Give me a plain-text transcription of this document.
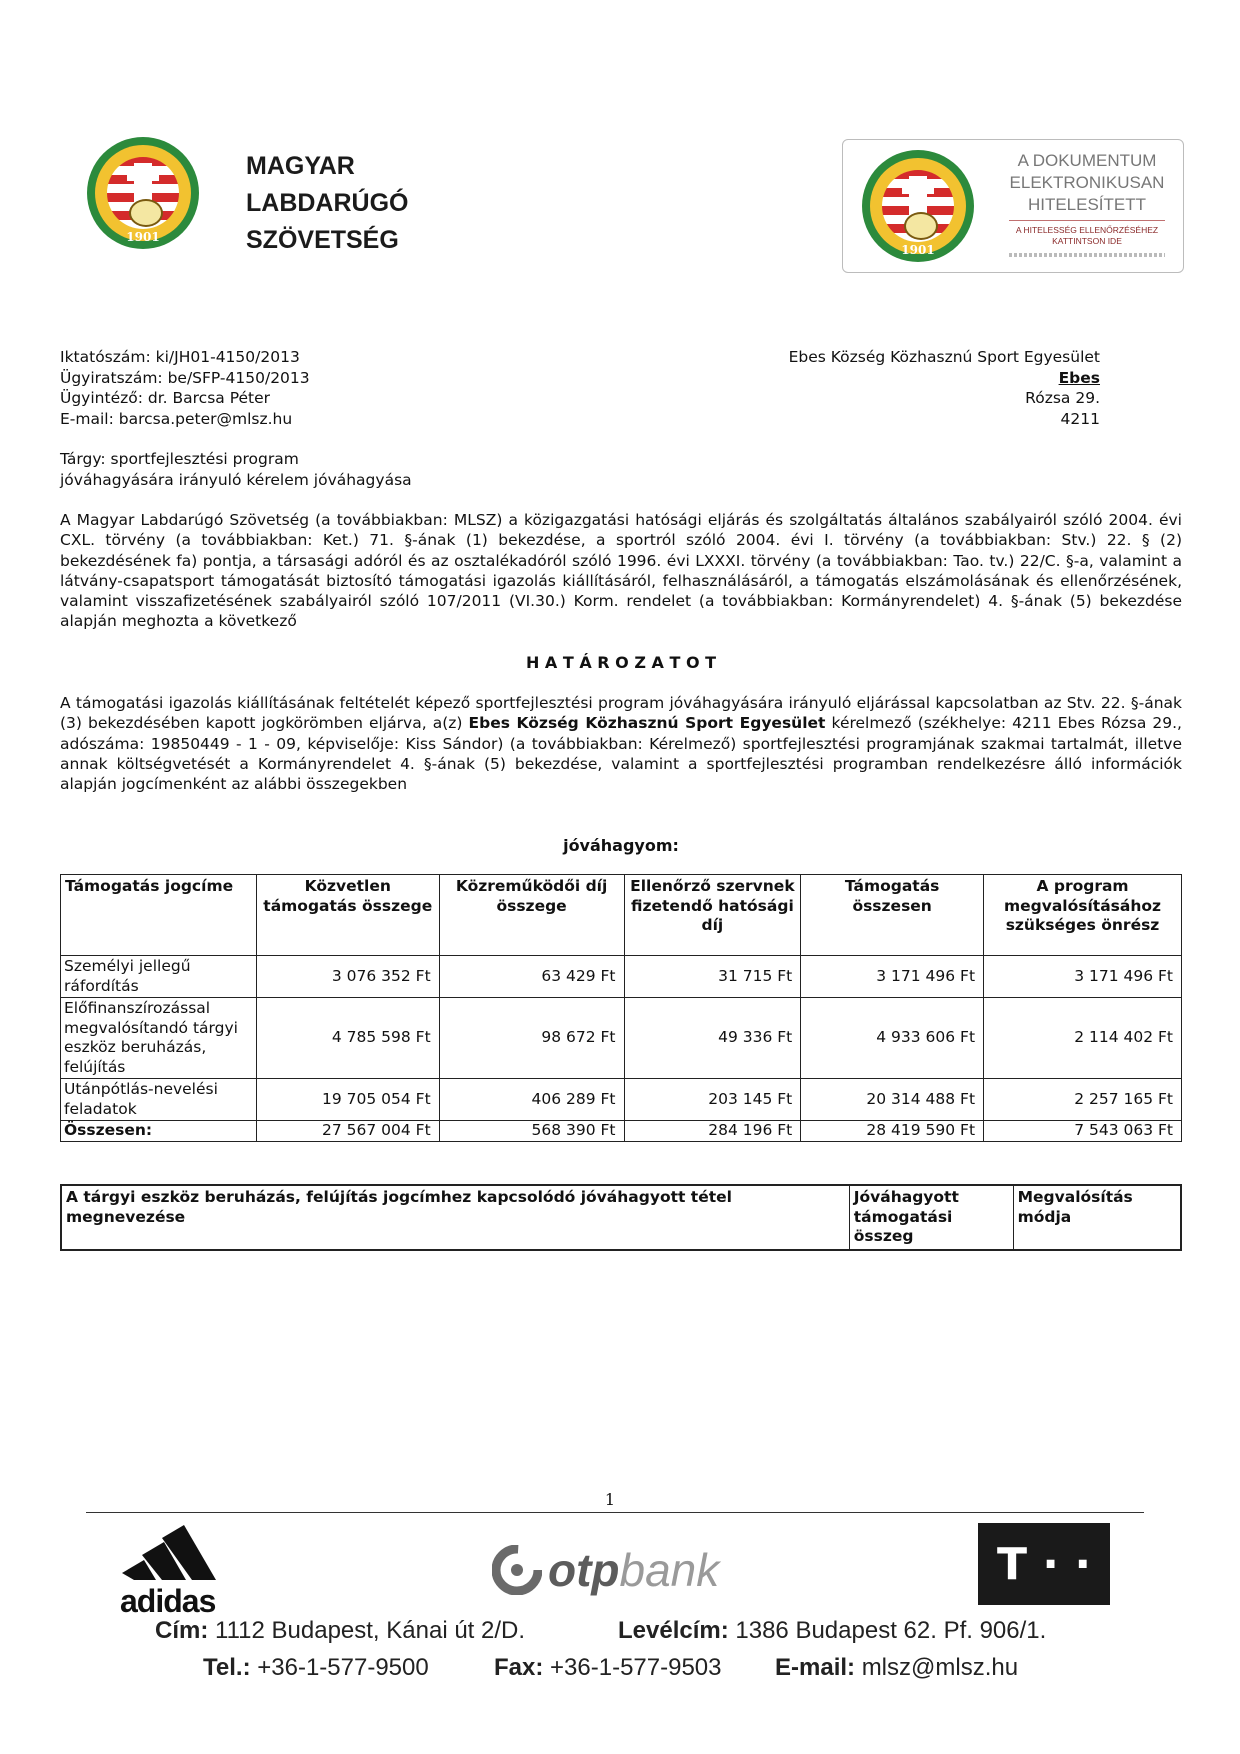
1901
MAGYAR
LABDARÚGÓ
SZÖVETSÉG	1901
A DOKUMENTUM
ELEKTRONIKUSAN
HITELESÍTETT
A HITELESSÉG ELLENŐRZÉSÉHEZ
KATTINTSON IDE
Iktatószám: ki/JH01-4150/2013
Ügyiratszám: be/SFP-4150/2013
Ügyintéző: dr. Barcsa Péter
E-mail: barcsa.peter@mlsz.hu
Ebes Község Közhasznú Sport Egyesület
Ebes
Rózsa 29.
4211
Tárgy: sportfejlesztési program
jóváhagyására irányuló kérelem jóváhagyása
A Magyar Labdarúgó Szövetség (a továbbiakban: MLSZ) a közigazgatási hatósági eljárás és szolgáltatás általános szabályairól szóló 2004. évi CXL. törvény (a továbbiakban: Ket.) 71. §-ának (1) bekezdése, a sportról szóló 2004. évi I. törvény (a továbbiakban: Stv.) 22. § (2) bekezdésének fa) pontja, a társasági adóról és az osztalékadóról szóló 1996. évi LXXXI. törvény (a továbbiakban: Tao. tv.) 22/C. §-a, valamint a látvány-csapatsport támogatását biztosító támogatási igazolás kiállításáról, felhasználásáról, a támogatás elszámolásának és ellenőrzésének, valamint visszafizetésének szabályairól szóló 107/2011 (VI.30.) Korm. rendelet (a továbbiakban: Kormányrendelet) 4. §-ának (5) bekezdése alapján meghozta a következő
H A T Á R O Z A T O T
A támogatási igazolás kiállításának feltételét képező sportfejlesztési program jóváhagyására irányuló eljárással kapcsolatban az Stv. 22. §-ának (3) bekezdésében kapott jogkörömben eljárva, a(z) Ebes Község Közhasznú Sport Egyesület kérelmező (székhelye: 4211 Ebes Rózsa 29., adószáma: 19850449 - 1 - 09, képviselője: Kiss Sándor) (a továbbiakban: Kérelmező) sportfejlesztési programjának szakmai tartalmát, illetve annak költségvetését a Kormányrendelet 4. §-ának (5) bekezdése, valamint a sportfejlesztési programban rendelkezésre álló információk alapján jogcímenként az alábbi összegekben
jóváhagyom:
Támogatás jogcíme	Közvetlen támogatás összege	Közreműködői díj összege	Ellenőrző szervnek fizetendő hatósági díj	Támogatás összesen	A program megvalósításához szükséges önrész
Személyi jellegű ráfordítás	3 076 352 Ft	63 429 Ft	31 715 Ft	3 171 496 Ft	3 171 496 Ft
Előfinanszírozással megvalósítandó tárgyi eszköz beruházás, felújítás	4 785 598 Ft	98 672 Ft	49 336 Ft	4 933 606 Ft	2 114 402 Ft
Utánpótlás-nevelési feladatok	19 705 054 Ft	406 289 Ft	203 145 Ft	20 314 488 Ft	2 257 165 Ft
Összesen:	27 567 004 Ft	568 390 Ft	284 196 Ft	28 419 590 Ft	7 543 063 Ft
A tárgyi eszköz beruházás, felújítás jogcímhez kapcsolódó jóváhagyott tétel megnevezése	Jóváhagyott támogatási összeg	Megvalósítás módja
1
adidas
otp bank	T · ·
Cím: 1112 Budapest, Kánai út 2/D.	Levélcím: 1386 Budapest 62. Pf. 906/1.
Tel.: +36-1-577-9500	Fax: +36-1-577-9503 E-mail: mlsz@mlsz.hu
